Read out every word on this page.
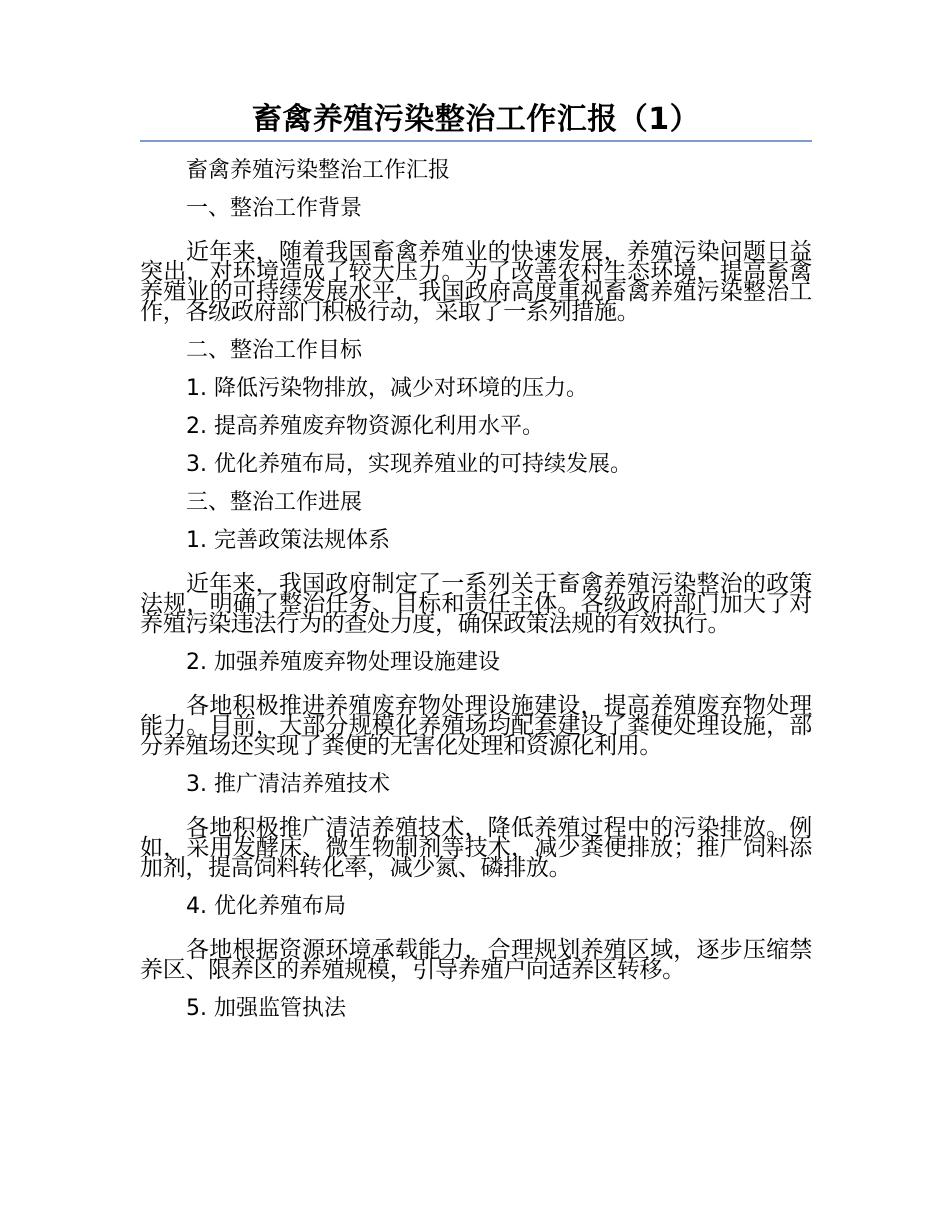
畜禽养殖污染整治工作汇报（1）
畜禽养殖污染整治工作汇报
一、整治工作背景

近年来，随着我国畜禽养殖业的快速发展，养殖污染问题日益突出，对环境造成了较大压力。为了改善农村生态环境，提高畜禽养殖业的可持续发展水平，我国政府高度重视畜禽养殖污染整治工作，各级政府部门积极行动，采取了一系列措施。

二、整治工作目标
1. 降低污染物排放，减少对环境的压力。
2. 提高养殖废弃物资源化利用水平。
3. 优化养殖布局，实现养殖业的可持续发展。
三、整治工作进展
1. 完善政策法规体系

近年来，我国政府制定了一系列关于畜禽养殖污染整治的政策法规，明确了整治任务、目标和责任主体。各级政府部门加大了对养殖污染违法行为的查处力度，确保政策法规的有效执行。

2. 加强养殖废弃物处理设施建设

各地积极推进养殖废弃物处理设施建设，提高养殖废弃物处理能力。目前，大部分规模化养殖场均配套建设了粪便处理设施，部分养殖场还实现了粪便的无害化处理和资源化利用。

3. 推广清洁养殖技术

各地积极推广清洁养殖技术，降低养殖过程中的污染排放。例如，采用发酵床、微生物制剂等技术，减少粪便排放；推广饲料添加剂，提高饲料转化率，减少氮、磷排放。

4. 优化养殖布局

各地根据资源环境承载能力，合理规划养殖区域，逐步压缩禁养区、限养区的养殖规模，引导养殖户向适养区转移。

5. 加强监管执法
